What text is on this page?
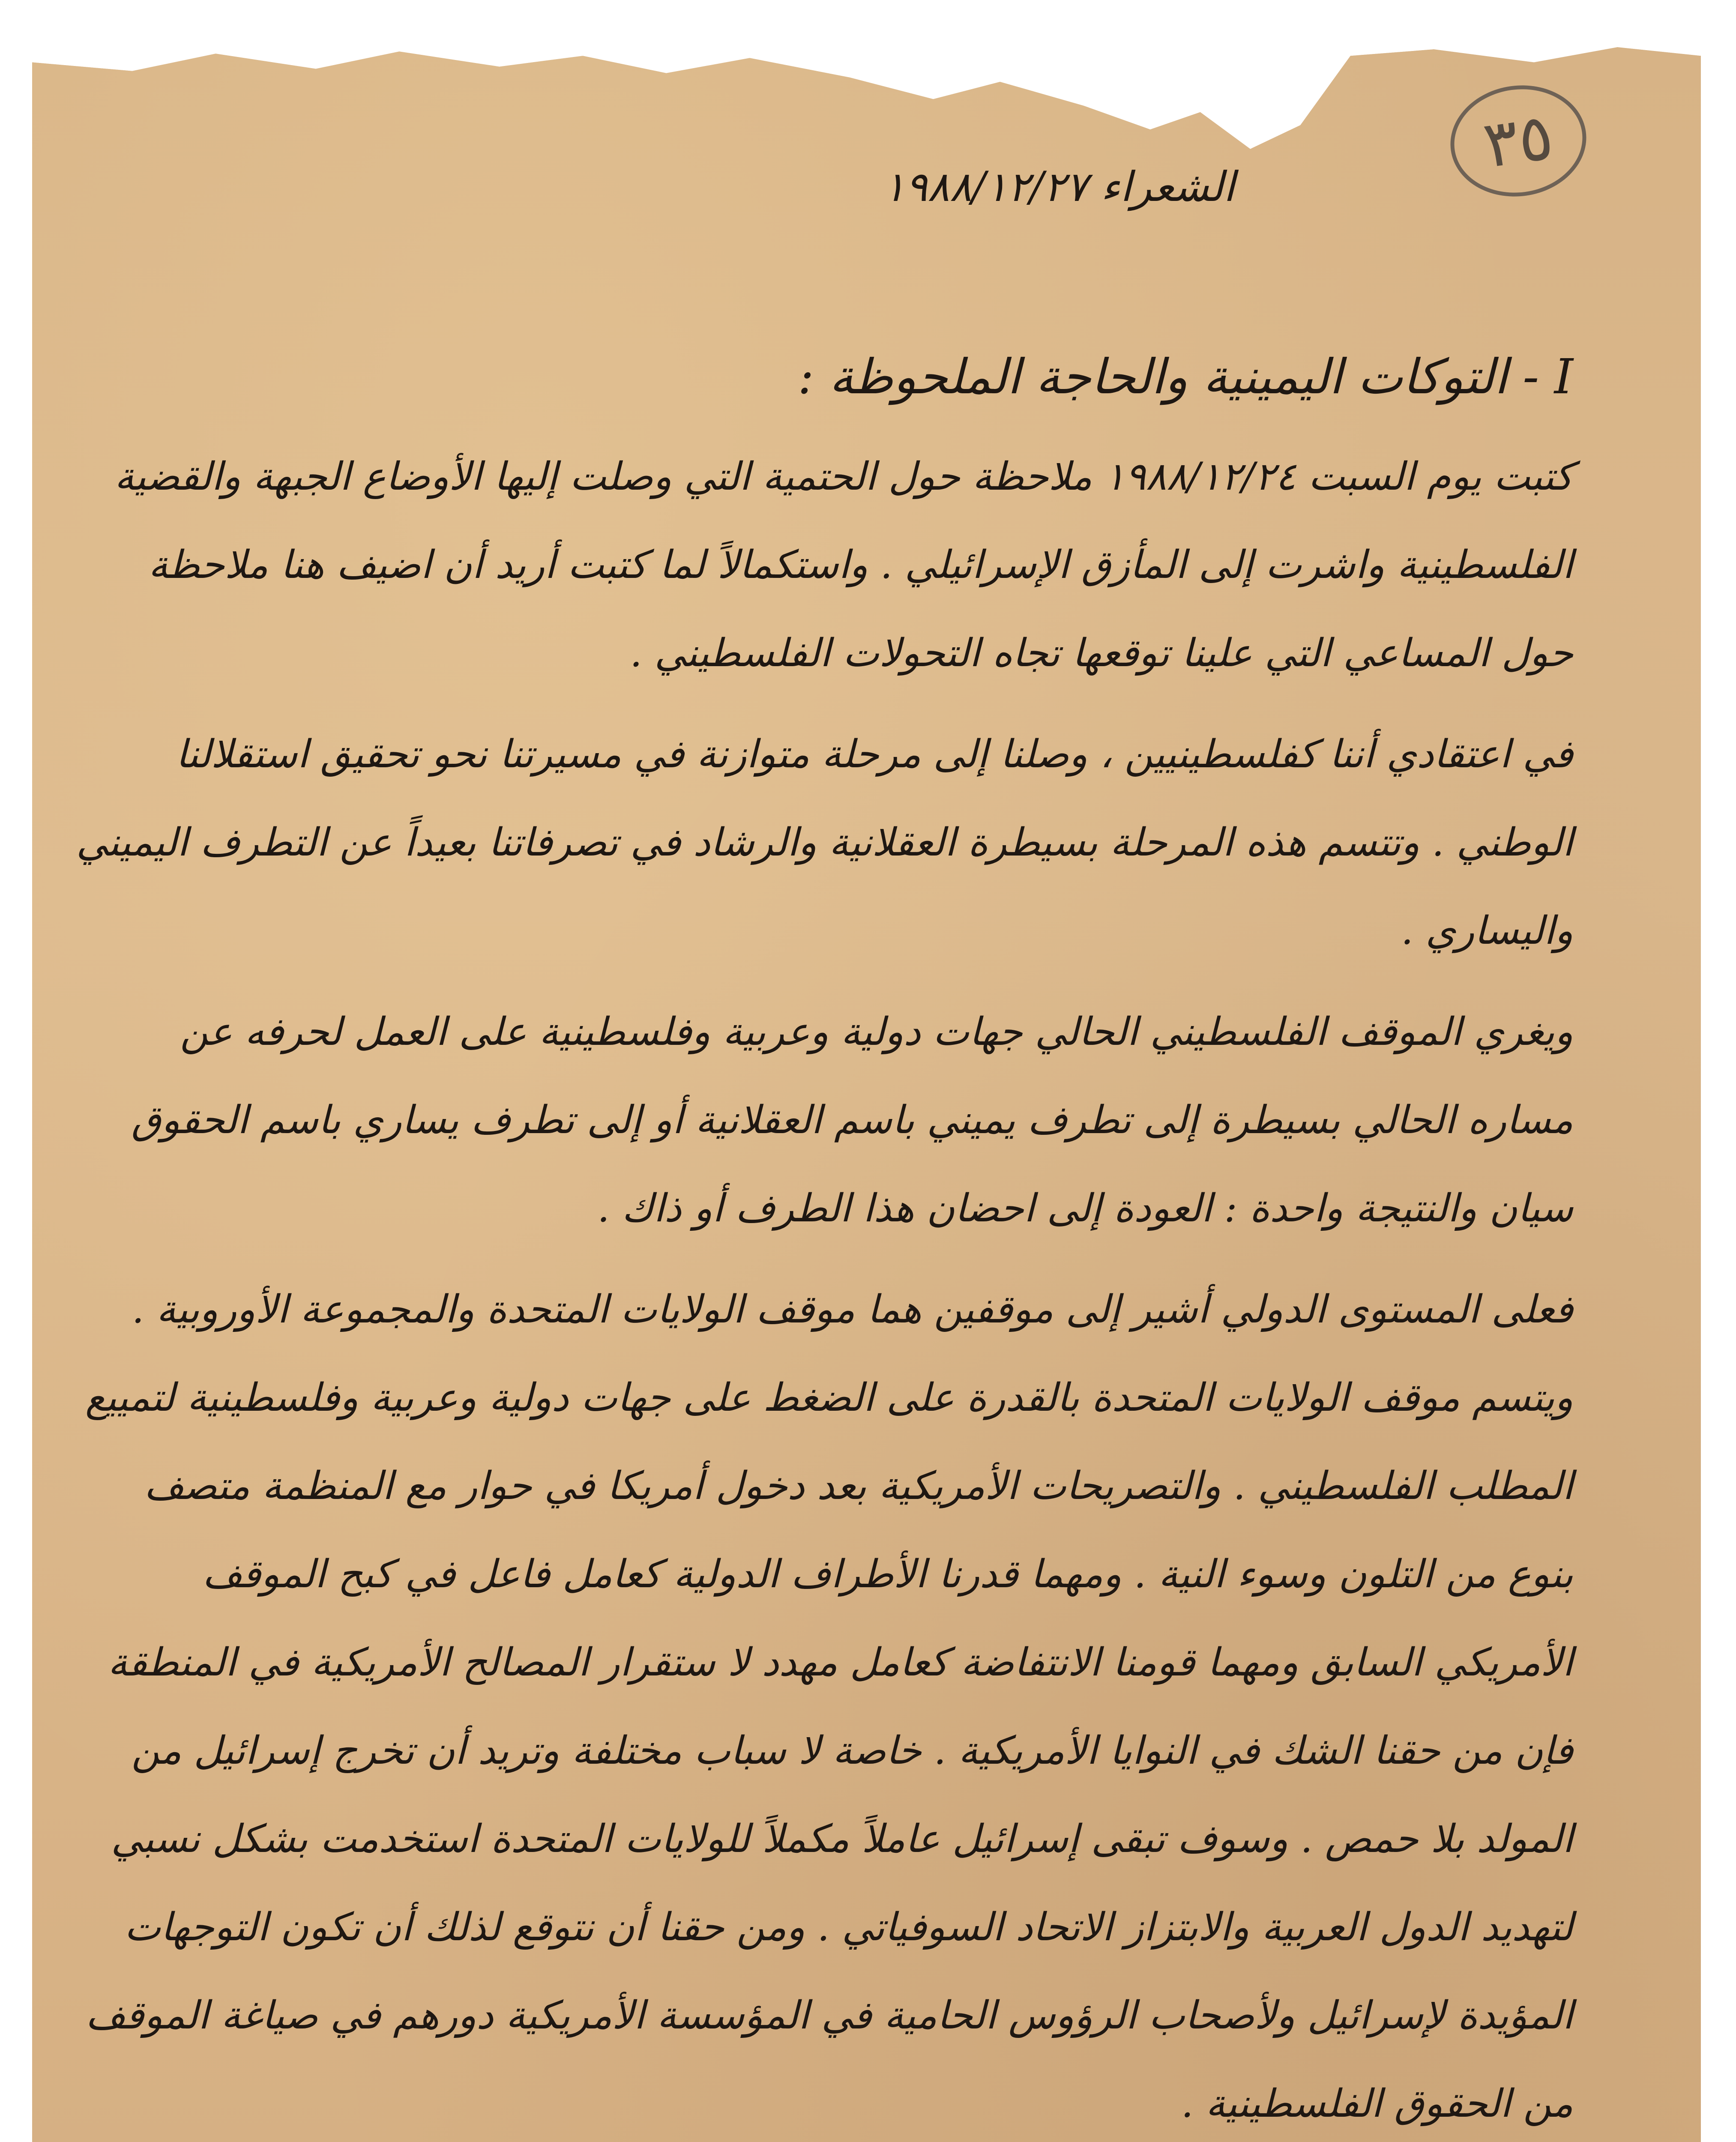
٣٥
الشعراء ١٩٨٨/١٢/٢٧
I - التوكات اليمينية والحاجة الملحوظة :

كتبت يوم السبت ١٩٨٨/١٢/٢٤ ملاحظة حول الحتمية التي وصلت إليها الأوضاع الجبهة والقضية الفلسطينية واشرت إلى المأزق الإسرائيلي . واستكمالاً لما كتبت أريد أن اضيف هنا ملاحظة حول المساعي التي علينا توقعها تجاه التحولات الفلسطيني .

في اعتقادي أننا كفلسطينيين ، وصلنا إلى مرحلة متوازنة في مسيرتنا نحو تحقيق استقلالنا الوطني . وتتسم هذه المرحلة بسيطرة العقلانية والرشاد في تصرفاتنا بعيداً عن التطرف اليميني واليساري .

ويغري الموقف الفلسطيني الحالي جهات دولية وعربية وفلسطينية على العمل لحرفه عن مساره الحالي بسيطرة إلى تطرف يميني باسم العقلانية أو إلى تطرف يساري باسم الحقوق سيان والنتيجة واحدة : العودة إلى احضان هذا الطرف أو ذاك .

فعلى المستوى الدولي أشير إلى موقفين هما موقف الولايات المتحدة والمجموعة الأوروبية . ويتسم موقف الولايات المتحدة بالقدرة على الضغط على جهات دولية وعربية وفلسطينية لتمييع المطلب الفلسطيني . والتصريحات الأمريكية بعد دخول أمريكا في حوار مع المنظمة متصف بنوع من التلون وسوء النية . ومهما قدرنا الأطراف الدولية كعامل فاعل في كبح الموقف الأمريكي السابق ومهما قومنا الانتفاضة كعامل مهدد لا ستقرار المصالح الأمريكية في المنطقة فإن من حقنا الشك في النوايا الأمريكية . خاصة لا سباب مختلفة وتريد أن تخرج إسرائيل من المولد بلا حمص . وسوف تبقى إسرائيل عاملاً مكملاً للولايات المتحدة استخدمت بشكل نسبي لتهديد الدول العربية والابتزاز الاتحاد السوفياتي . ومن حقنا أن نتوقع لذلك أن تكون التوجهات المؤيدة لإسرائيل ولأصحاب الرؤوس الحامية في المؤسسة الأمريكية دورهم في صياغة الموقف من الحقوق الفلسطينية .
